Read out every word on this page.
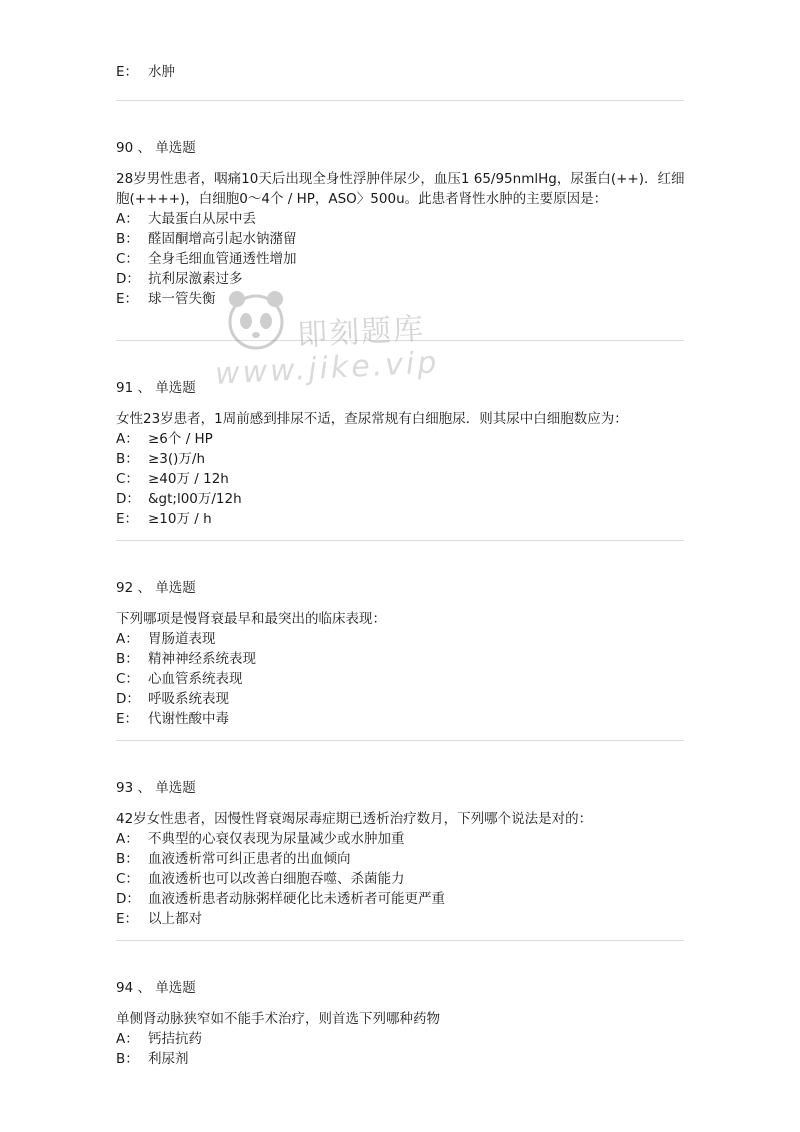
E： 水肿
90 、 单选题

28岁男性患者，咽痛10天后出现全身性浮肿伴尿少，血压1 65/95nmlHg，尿蛋白(++)．红细胞(++++)，白细胞0～4个 / HP，ASO〉500u。此患者肾性水肿的主要原因是：

A： 大最蛋白从尿中丢
B： 醛固酮增高引起水钠潴留
C： 全身毛细血管通透性增加
D： 抗利尿激素过多
E： 球一管失衡
91 、 单选题

女性23岁患者，1周前感到排尿不适，查尿常规有白细胞尿．则其尿中白细胞数应为：

A： ≥6个 / HP
B： ≥3()万/h
C： ≥40万 / 12h
D： &gt;l00万/12h
E： ≥10万 / h
92 、 单选题

下列哪项是慢肾衰最早和最突出的临床表现：

A： 胃肠道表现
B： 精神神经系统表现
C： 心血管系统表现
D： 呼吸系统表现
E： 代谢性酸中毒
93 、 单选题

42岁女性患者，因慢性肾衰竭尿毒症期已透析治疗数月，下列哪个说法是对的：

A： 不典型的心衰仅表现为尿量减少或水肿加重
B： 血液透析常可纠正患者的出血倾向
C： 血液透析也可以改善白细胞吞噬、杀菌能力
D： 血液透析患者动脉粥样硬化比未透析者可能更严重
E： 以上都对
94 、 单选题

单侧肾动脉狭窄如不能手术治疗，则首选下列哪种药物

A： 钙拮抗药
B： 利尿剂
即刻题库
www.jike.vip
